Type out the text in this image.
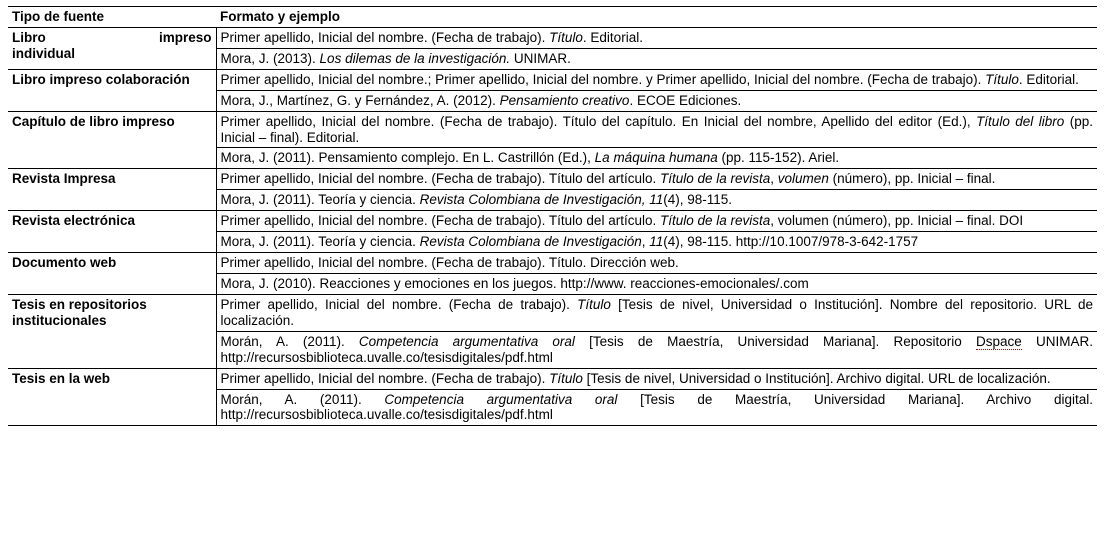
Tipo de fuente	Formato y ejemplo

Libro impreso
individual	Primer apellido, Inicial del nombre. (Fecha de trabajo). Título. Editorial.
	Mora, J. (2013). Los dilemas de la investigación. UNIMAR.
Libro impreso colaboración	Primer apellido, Inicial del nombre.; Primer apellido, Inicial del nombre. y Primer apellido, Inicial del nombre. (Fecha de trabajo). Título. Editorial.
	Mora, J., Martínez, G. y Fernández, A. (2012). Pensamiento creativo. ECOE Ediciones.
Capítulo de libro impreso	Primer apellido, Inicial del nombre. (Fecha de trabajo). Título del capítulo. En Inicial del nombre, Apellido del editor (Ed.), Título del libro (pp. Inicial – final). Editorial.
	Mora, J. (2011). Pensamiento complejo. En L. Castrillón (Ed.), La máquina humana (pp. 115-152). Ariel.
Revista Impresa	Primer apellido, Inicial del nombre. (Fecha de trabajo). Título del artículo. Título de la revista, volumen (número), pp. Inicial – final.
	Mora, J. (2011). Teoría y ciencia. Revista Colombiana de Investigación, 11(4), 98-115.
Revista electrónica	Primer apellido, Inicial del nombre. (Fecha de trabajo). Título del artículo. Título de la revista, volumen (número), pp. Inicial – final. DOI
	Mora, J. (2011). Teoría y ciencia. Revista Colombiana de Investigación, 11(4), 98-115. http://10.1007/978-3-642-1757
Documento web	Primer apellido, Inicial del nombre. (Fecha de trabajo). Título. Dirección web.
	Mora, J. (2010). Reacciones y emociones en los juegos. http://www. reacciones-emocionales/.com
Tesis en repositorios institucionales	Primer apellido, Inicial del nombre. (Fecha de trabajo). Título [Tesis de nivel, Universidad o Institución]. Nombre del repositorio. URL de localización.
	Morán, A. (2011). Competencia argumentativa oral [Tesis de Maestría, Universidad Mariana]. Repositorio Dspace UNIMAR. http://recursosbiblioteca.uvalle.co/tesisdigitales/pdf.html
Tesis en la web	Primer apellido, Inicial del nombre. (Fecha de trabajo). Título [Tesis de nivel, Universidad o Institución]. Archivo digital. URL de localización.
	Morán, A. (2011). Competencia argumentativa oral [Tesis de Maestría, Universidad Mariana]. Archivo digital. http://recursosbiblioteca.uvalle.co/tesisdigitales/pdf.html
